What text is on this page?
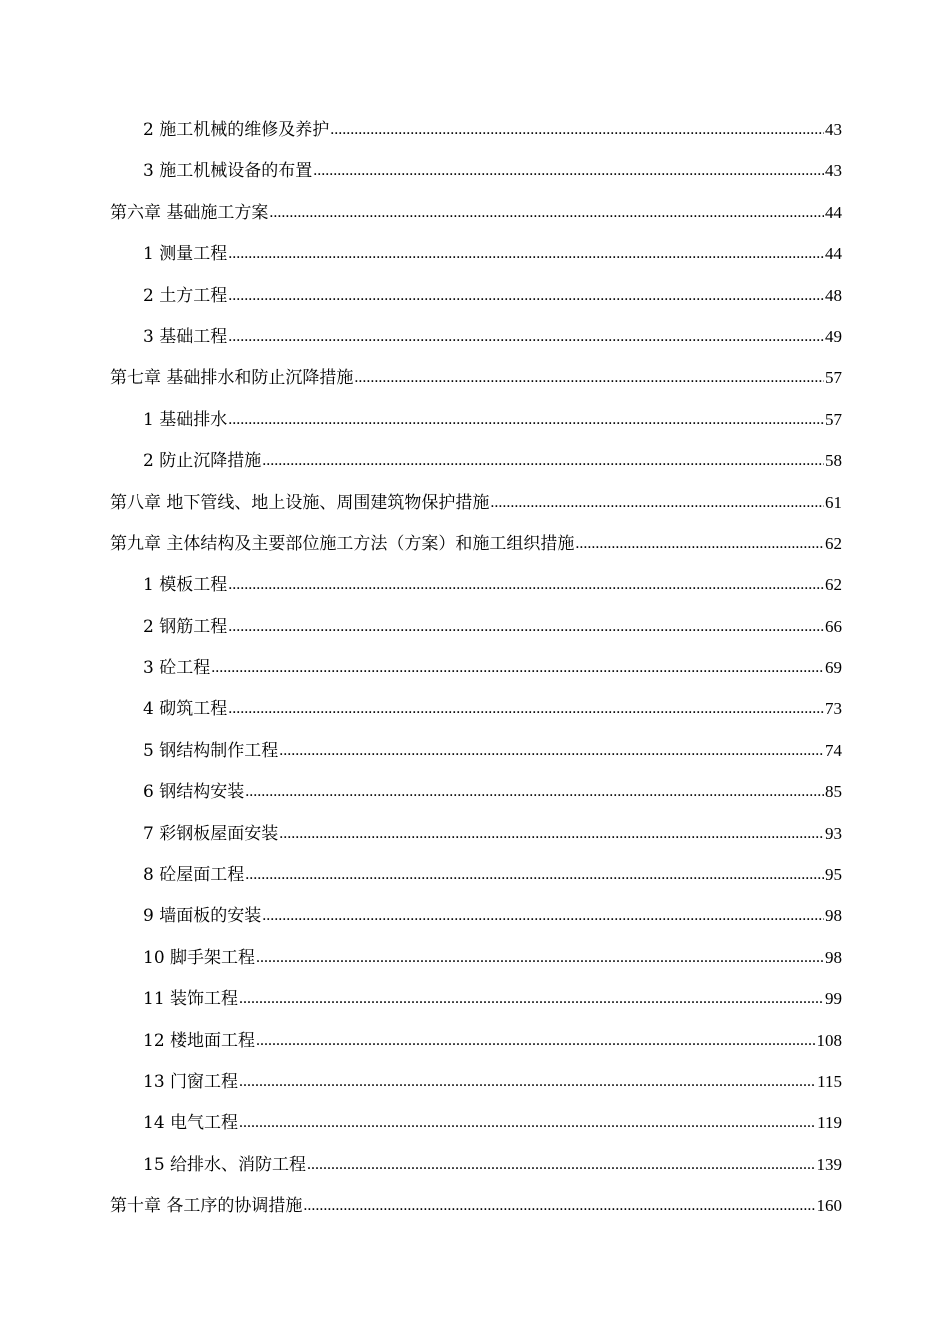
2 施工机械的维修及养护 .....	43
3 施工机械设备的布置 .....	43
第六章 基础施工方案 .....	44
1 测量工程 .....	44
2 土方工程 .....	48
3 基础工程 .....	49
第七章 基础排水和防止沉降措施 .....	57
1 基础排水 .....	57
2 防止沉降措施 .....	58
第八章 地下管线、地上设施、周围建筑物保护措施 .....	61
第九章 主体结构及主要部位施工方法（方案）和施工组织措施 .....	62
1 模板工程 .....	62
2 钢筋工程 .....	66
3 砼工程 .....	69
4 砌筑工程 .....	73
5 钢结构制作工程 .....	74
6 钢结构安装 .....	85
7 彩钢板屋面安装 .....	93
8 砼屋面工程 .....	95
9 墙面板的安装 .....	98
10 脚手架工程 .....	98
11 装饰工程 .....	99
12 楼地面工程 .....	108
13 门窗工程 .....	115
14 电气工程 .....	119
15 给排水、消防工程 .....	139
第十章 各工序的协调措施 .....	160
